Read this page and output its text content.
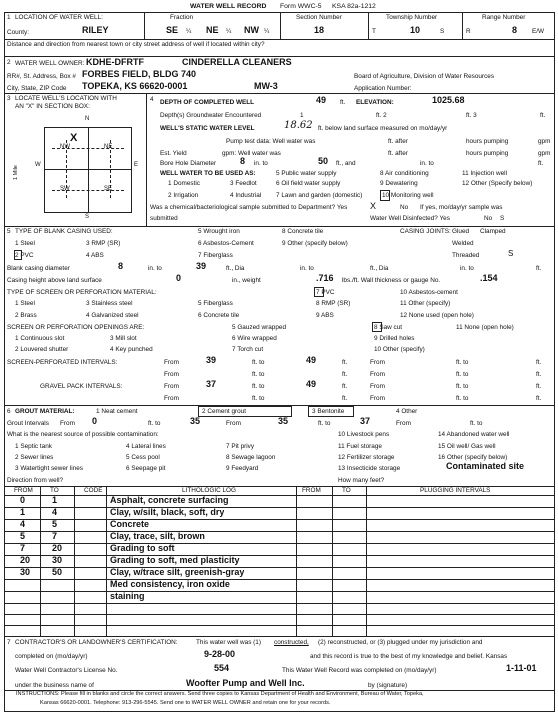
WATER WELL RECORD Form WWC-5 KSA 82a-1212
1 LOCATION OF WATER WELL:
County:	RILEY
Fraction
SE ¼ NE ¼ NW ¼
Section Number
18
Township Number
T	10	S
Range Number
R	8 E/W
Distance and direction from nearest town or city street address of well if located within city?
2 WATER WELL OWNER: KDHE-DFRTF	CINDERELLA CLEANERS
RR#, St. Address, Box # FORBES FIELD, BLDG 740	Board of Agriculture, Division of Water Resources
City, State, ZIP Code TOPEKA, KS 66620-0001	MW-3	Application Number:
3 LOCATE WELL'S LOCATION WITH
AN "X" IN SECTION BOX:
N
S
W	E
NW	NE
SW	SE
X
1 Mile
4 DEPTH OF COMPLETED WELL	49 ft. ELEVATION:	1025.68
Depth(s) Groundwater Encountered	1	ft. 2	ft. 3	ft.
WELL'S STATIC WATER LEVEL	18.62 ft. below land surface measured on mo/day/yr
Pump test data: Well water was	ft. after	hours pumping	gpm
Est. Yield	gpm: Well water was	ft. after	hours pumping	gpm
Bore Hole Diameter	8 in. to	50 ft., and	in. to	ft.
WELL WATER TO BE USED AS:
1 Domestic
2 Irrigation
3 Feedlot
4 Industrial
5 Public water supply
6 Oil field water supply
7 Lawn and garden (domestic)
8 Air conditioning
9 Dewatering
10 Monitoring well
11 Injection well
12 Other (Specify below)
Was a chemical/bacteriological sample submitted to Department? Yes	X	No If yes, mo/day/yr sample was
submitted	Water Well Disinfected? Yes	No S
5 TYPE OF BLANK CASING USED:
1 Steel
2 PVC
3 RMP (SR)
4 ABS
5 Wrought iron
6 Asbestos-Cement
7 Fiberglass
8 Concrete tile
9 Other (specify below)
CASING JOINTS: Glued Clamped
Welded
Threaded	S
Blank casing diameter	8	in. to	39	ft., Dia	in. to	ft., Dia	in. to	ft.
Casing height above land surface	0	in., weight	.716 lbs./ft. Wall thickness or gauge No.	.154
TYPE OF SCREEN OR PERFORATION MATERIAL:
1 Steel
2 Brass
3 Stainless steel
4 Galvanized steel
5 Fiberglass
6 Concrete tile
7 PVC
8 RMP (SR)
9 ABS
10 Asbestos-cement
11 Other (specify)
12 None used (open hole)
SCREEN OR PERFORATION OPENINGS ARE:
1 Continuous slot
2 Louvered shutter
3 Mill slot
4 Key punched
5 Gauzed wrapped
6 Wire wrapped
7 Torch cut
8 Saw cut
9 Drilled holes
10 Other (specify)
11 None (open hole)
SCREEN-PERFORATED INTERVALS:	From	39	ft. to	49	ft.	From	ft. to	ft.
From	ft. to	ft.	From	ft. to	ft.
GRAVEL PACK INTERVALS:	From	37	ft. to	49	ft.	From	ft. to	ft.
From	ft. to	ft.	From	ft. to	ft.
6 GROUT MATERIAL:	1 Neat cement	2 Cement grout	3 Bentonite	4 Other
Grout Intervals From 0	ft. to	35	From	35	ft. to	37	From	ft. to
What is the nearest source of possible contamination:
1 Septic tank
2 Sewer lines
3 Watertight sewer lines
4 Lateral lines
5 Cess pool
6 Seepage pit
7 Pit privy
8 Sewage lagoon
9 Feedyard
10 Livestock pens
11 Fuel storage
12 Fertilizer storage
13 Insecticide storage
14 Abandoned water well
15 Oil well/ Gas well
16 Other (specify below)
Contaminated site
Direction from well?	How many feet?
FROM	TO	CODE	LITHOLOGIC LOG	FROM	TO	PLUGGING INTERVALS
0	1	Asphalt, concrete surfacing
1	4	Clay, w/silt, black, soft, dry
4	5	Concrete
5	7	Clay, trace, silt, brown
7	20	Grading to soft
20 30	Grading to soft, med plasticity
30 50	Clay, w/trace silt, greenish-gray
Med consistency, iron oxide
staining
7 CONTRACTOR'S OR LANDOWNER'S CERTIFICATION:	This water well was (1) constructed, (2) reconstructed, or (3) plugged under my jurisdiction and
completed on (mo/day/yr)	9-28-00	and this record is true to the best of my knowledge and belief. Kansas
Water Well Contractor's License No.	554	This Water Well Record was completed on (mo/day/yr)	1-11-01
under the business name of	Woofter Pump and Well Inc.	by (signature)
INSTRUCTIONS: Please fill in blanks and circle the correct answers. Send three copies to Kansas Department of Health and Environment, Bureau of Water, Topeka,
Kansas 66620-0001. Telephone: 913-296-5545. Send one to WATER WELL OWNER and retain one for your records.
